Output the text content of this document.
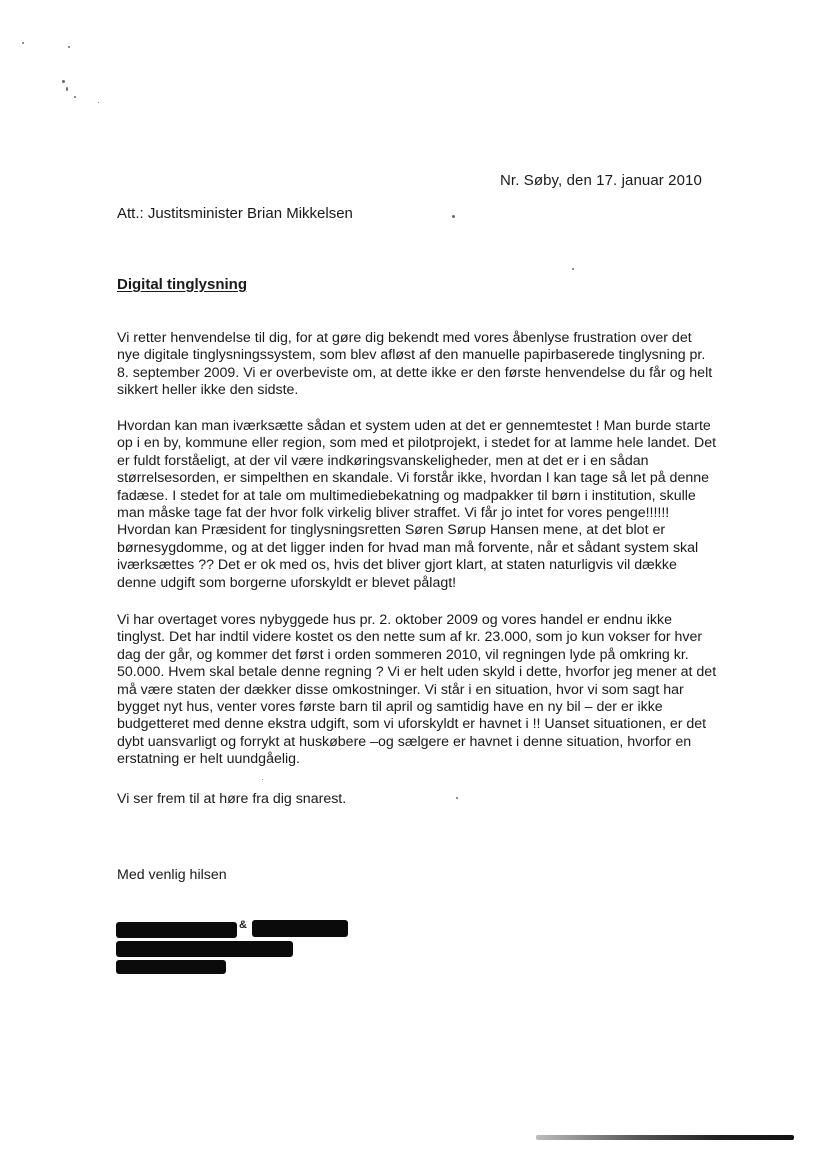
Nr. Søby, den 17. januar 2010
Att.: Justitsminister Brian Mikkelsen
Digital tinglysning

Vi retter henvendelse til dig, for at gøre dig bekendt med vores åbenlyse frustration over det nye digitale tinglysningssystem, som blev afløst af den manuelle papirbaserede tinglysning pr. 8. september 2009. Vi er overbeviste om, at dette ikke er den første henvendelse du får og helt sikkert heller ikke den sidste.

Hvordan kan man iværksætte sådan et system uden at det er gennemtestet ! Man burde starte op i en by, kommune eller region, som med et pilotprojekt, i stedet for at lamme hele landet. Det er fuldt forståeligt, at der vil være indkøringsvanskeligheder, men at det er i en sådan størrelsesorden, er simpelthen en skandale. Vi forstår ikke, hvordan I kan tage så let på denne fadæse. I stedet for at tale om multimediebekatning og madpakker til børn i institution, skulle man måske tage fat der hvor folk virkelig bliver straffet. Vi får jo intet for vores penge!!!!!! Hvordan kan Præsident for tinglysningsretten Søren Sørup Hansen mene, at det blot er børnesygdomme, og at det ligger inden for hvad man må forvente, når et sådant system skal iværksættes ?? Det er ok med os, hvis det bliver gjort klart, at staten naturligvis vil dække denne udgift som borgerne uforskyldt er blevet pålagt!

Vi har overtaget vores nybyggede hus pr. 2. oktober 2009 og vores handel er endnu ikke tinglyst. Det har indtil videre kostet os den nette sum af kr. 23.000, som jo kun vokser for hver dag der går, og kommer det først i orden sommeren 2010, vil regningen lyde på omkring kr. 50.000. Hvem skal betale denne regning ? Vi er helt uden skyld i dette, hvorfor jeg mener at det må være staten der dækker disse omkostninger. Vi står i en situation, hvor vi som sagt har bygget nyt hus, venter vores første barn til april og samtidig have en ny bil – der er ikke budgetteret med denne ekstra udgift, som vi uforskyldt er havnet i !! Uanset situationen, er det dybt uansvarligt og forrykt at huskøbere –og sælgere er havnet i denne situation, hvorfor en erstatning er helt uundgåelig.

Vi ser frem til at høre fra dig snarest.

Med venlig hilsen
&
